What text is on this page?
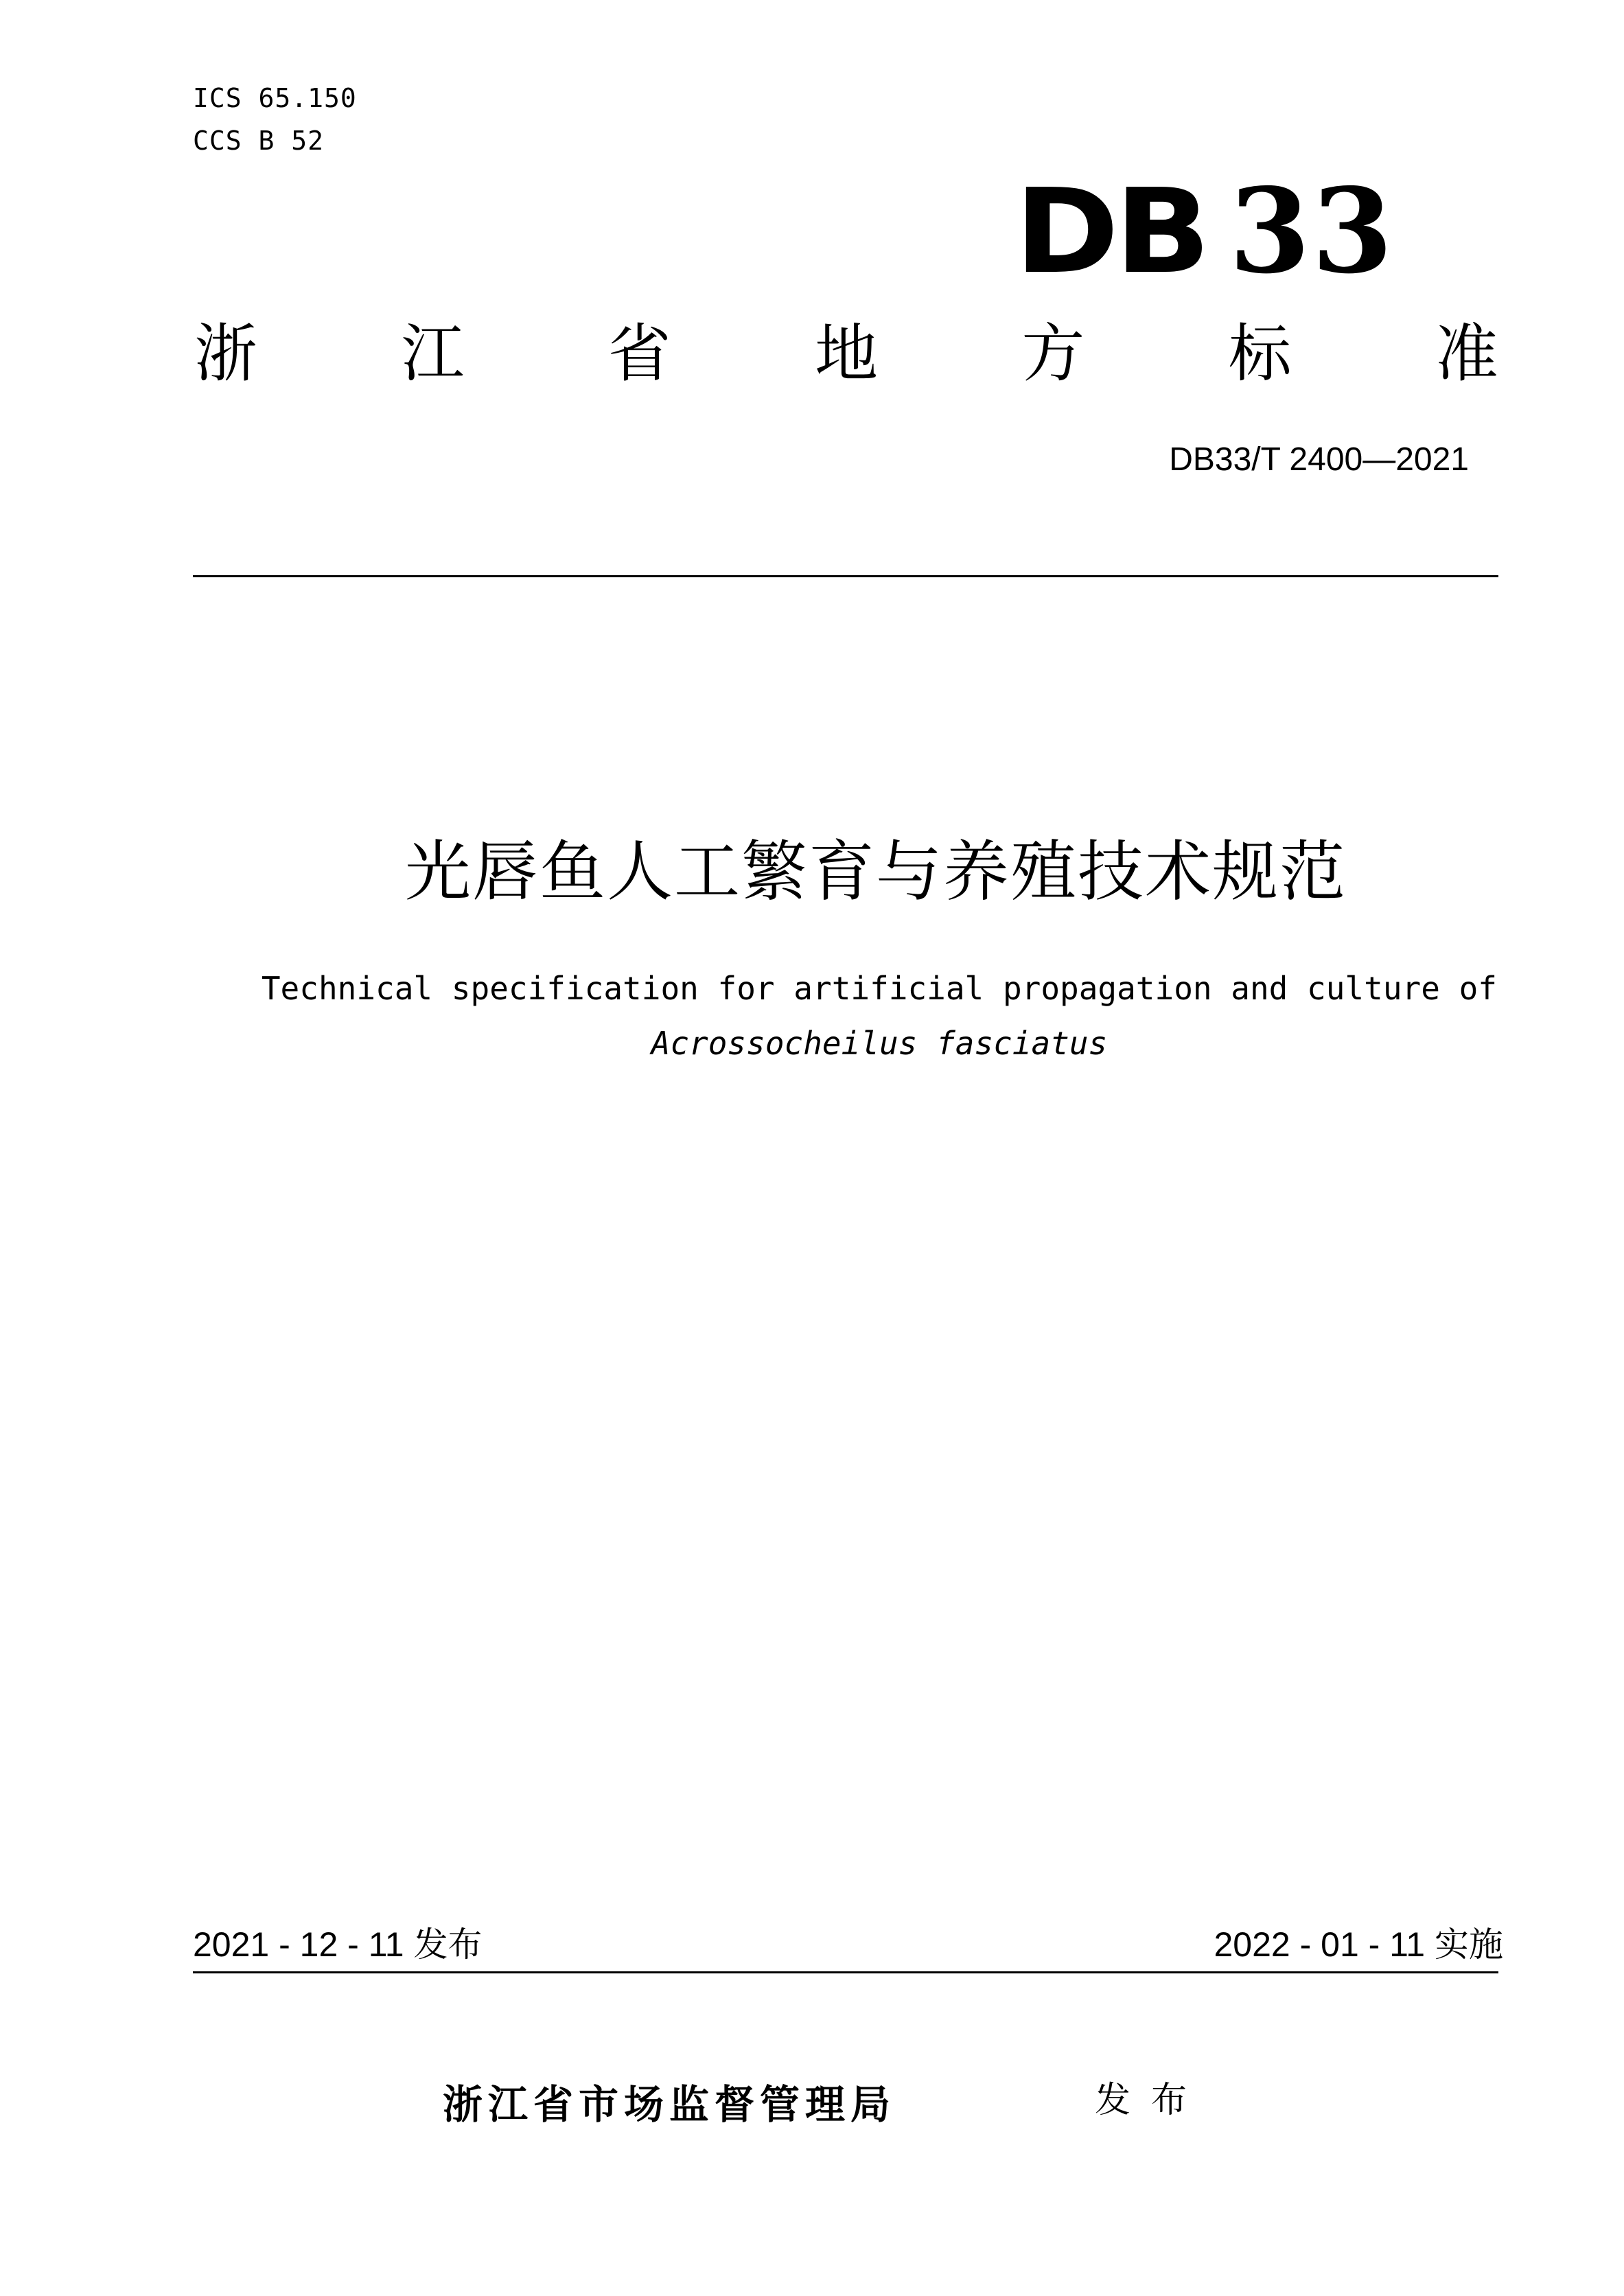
ICS 65.150
CCS B 52
DB 33
浙 江 省 地 方 标 准
DB33/T 2400—2021
光唇鱼人工繁育与养殖技术规范
Technical specification for artificial propagation and culture of
Acrossocheilus fasciatus
2021 - 12 - 11 发布	2022 - 01 - 11 实施
浙江省市场监督管理局	发布
